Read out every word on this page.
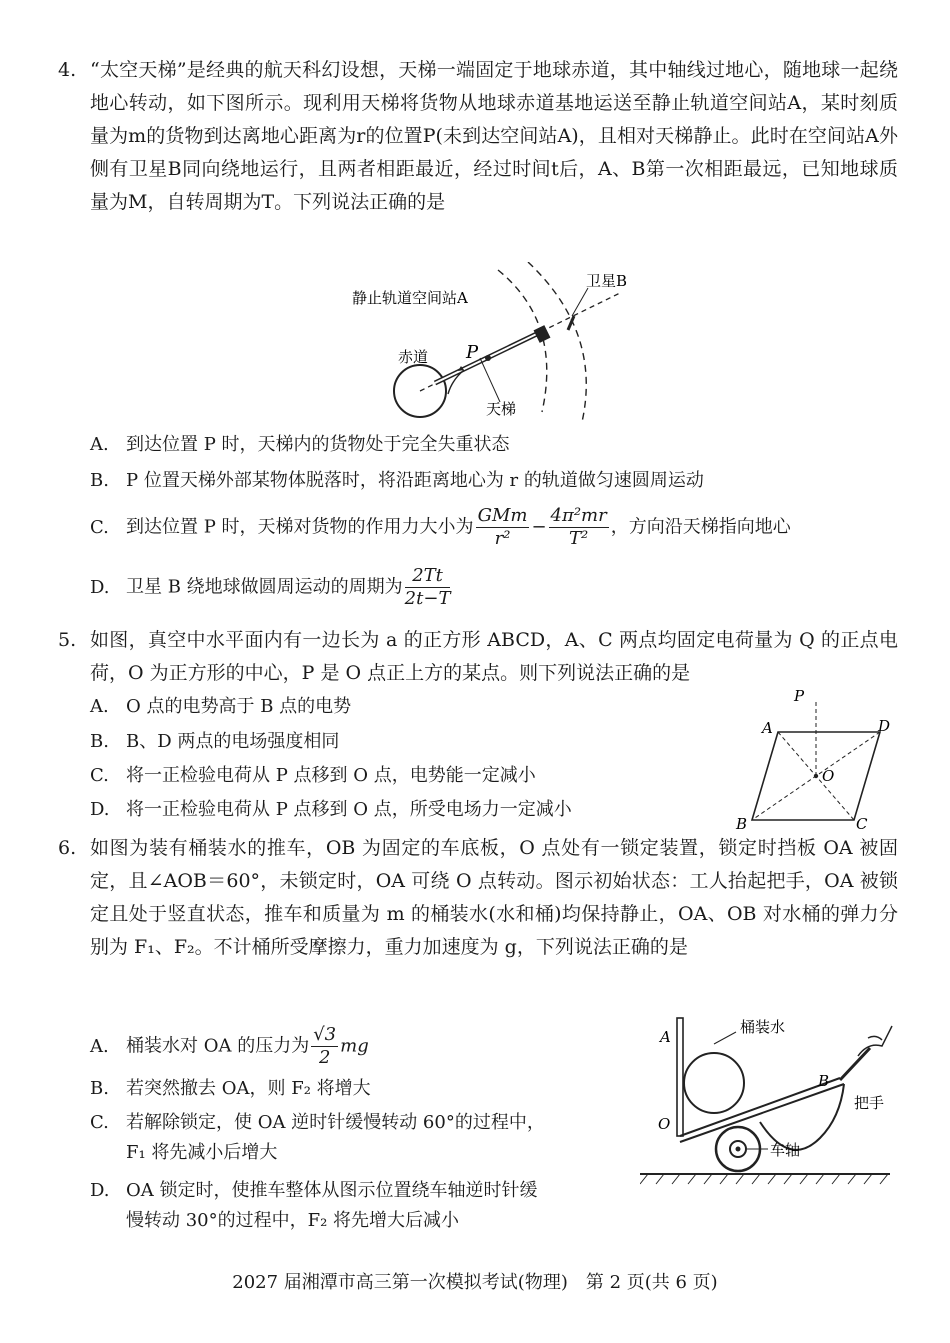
4. “太空天梯”是经典的航天科幻设想，天梯一端固定于地球赤道，其中轴线过地心，随地球一起绕地心转动，如下图所示。现利用天梯将货物从地球赤道基地运送至静止轨道空间站A，某时刻质量为m的货物到达离地心距离为r的位置P(未到达空间站A)，且相对天梯静止。此时在空间站A外侧有卫星B同向绕地运行，且两者相距最近，经过时间t后，A、B第一次相距最远，已知地球质量为M，自转周期为T。下列说法正确的是
静止轨道空间站A
卫星B
赤道 P
天梯
A. 到达位置 P 时，天梯内的货物处于完全失重状态
B. P 位置天梯外部某物体脱落时，将沿距离地心为 r 的轨道做匀速圆周运动
C. 到达位置 P 时，天梯对货物的作用力大小为 $\frac{\text{GMm}}{\text{r²}} - \frac{\text{4π²mr}}{\text{T²}}$ ，方向沿天梯指向地心
D. 卫星 B 绕地球做圆周运动的周期为 $\frac{2Tt}{2t-T}$
5. 如图，真空中水平面内有一边长为 a 的正方形 ABCD，A、C 两点均固定电荷量为 Q 的正点电荷，O 为正方形的中心，P 是 O 点正上方的某点。则下列说法正确的是
A. O 点的电势高于 B 点的电势
B. B、D 两点的电场强度相同
C. 将一正检验电荷从 P 点移到 O 点，电势能一定减小
D. 将一正检验电荷从 P 点移到 O 点，所受电场力一定减小
P
A	D
O
B	C
6. 如图为装有桶装水的推车，OB 为固定的车底板，O 点处有一锁定装置，锁定时挡板 OA 被固定，且∠AOB＝60°，未锁定时，OA 可绕 O 点转动。图示初始状态：工人抬起把手，OA 被锁定且处于竖直状态，推车和质量为 m 的桶装水(水和桶)均保持静止，OA、OB 对水桶的弹力分别为 F₁、F₂。不计桶所受摩擦力，重力加速度为 g，下列说法正确的是
A. 桶装水对 OA 的压力为 $\frac{√3}{2}$ mg
B. 若突然撤去 OA，则 F₂ 将增大
C. 若解除锁定，使 OA 逆时针缓慢转动 60°的过程中，
F₁ 将先减小后增大
D. OA 锁定时，使推车整体从图示位置绕车轴逆时针缓
慢转动 30°的过程中，F₂ 将先增大后减小
A
O
B
桶装水
把手
车轴
2027 届湘潭市高三第一次模拟考试(物理)　第 2 页(共 6 页)
